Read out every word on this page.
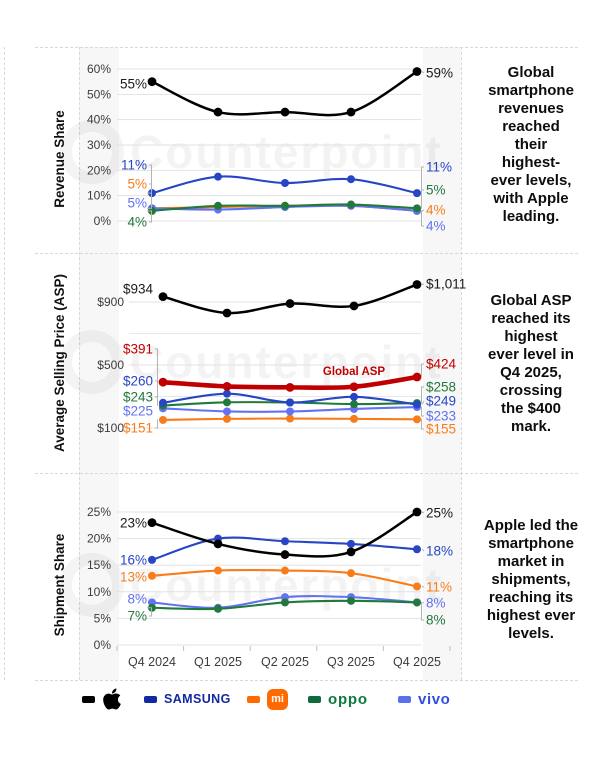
0%
10%
20%
30%
40%
50%
60%
Revenue Share
55%
59%
11%	11%
5%
4%
5%
4%
4%
5%
$100
$500
$900
Average Selling Price (ASP)	$934	$1,011
$391
$424
$260
$249
$243
$258
$225	$233
$151	$155
Global ASP
0%
5%
10%
15%
20%
25%
Q4 2024 Q1 2025 Q2 2025 Q3 2025 Q4 2025
Shipment Share
23%
25%
16%
18%
13%
11%
8%	8%
7%	8%
Global
smartphone
revenues
reached
their
highest-
ever levels,
with Apple
leading.
Global ASP
reached its
highest
ever level in
Q4 2025,
crossing
the $400
mark.
Apple led the
smartphone
market in
shipments,
reaching its
highest ever
levels.
SAMSUNG	mi	oppo	vivo
